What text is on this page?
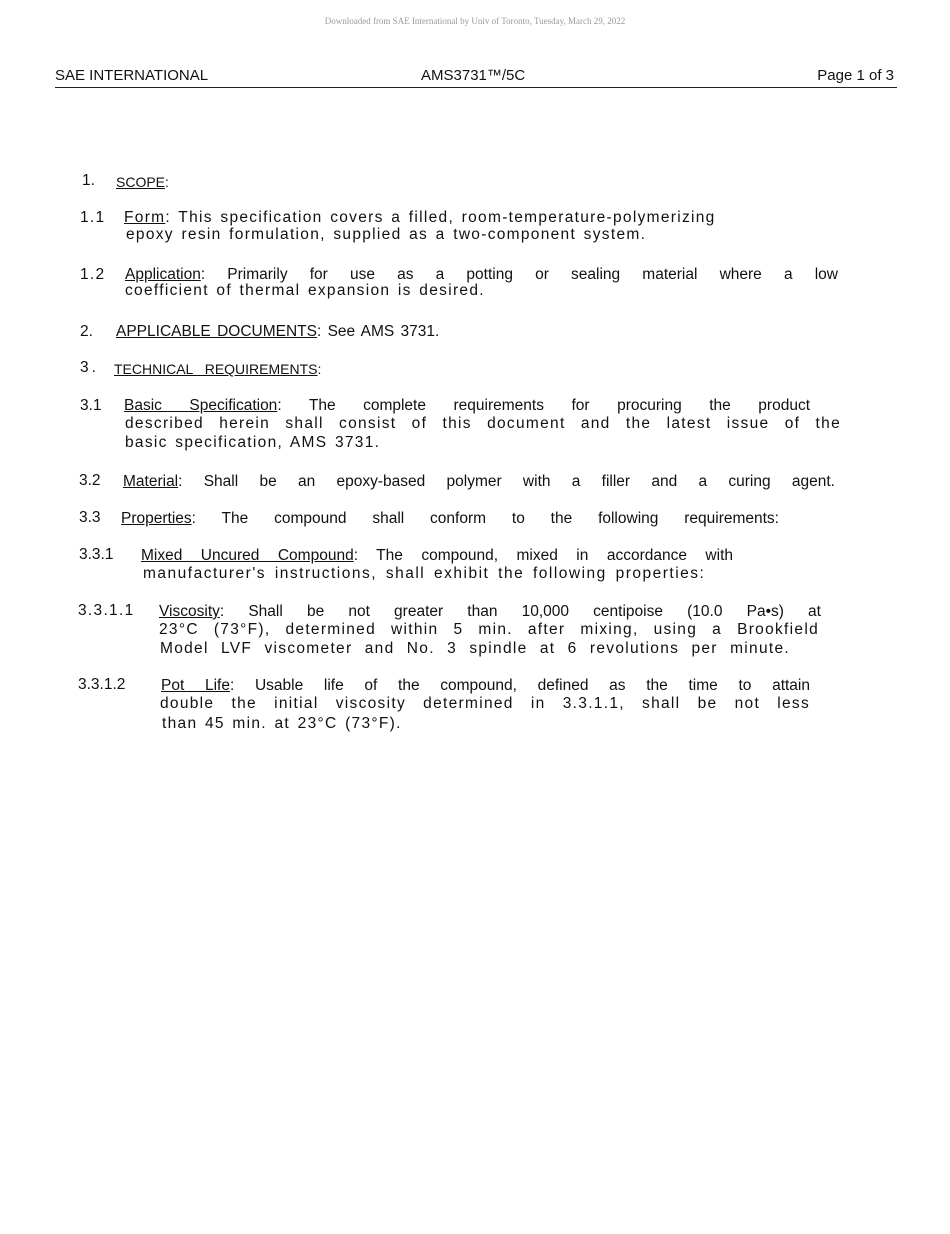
Downloaded from SAE International by Univ of Toronto, Tuesday, March 29, 2022
SAE INTERNATIONAL	AMS3731™/5C	Page 1 of 3
1. SCOPE:
1.1 Form: This specification covers a filled, room-temperature-polymerizing
epoxy resin formulation, supplied as a two-component system.
1.2 Application: Primarily for use as a potting or sealing material where a low
coefficient of thermal expansion is desired.
2. APPLICABLE DOCUMENTS: See AMS 3731.
3. TECHNICAL REQUIREMENTS:
3.1 Basic Specification: The complete requirements for procuring the product
described herein shall consist of this document and the latest issue of the
basic specification, AMS 3731.
3.2 Material: Shall be an epoxy-based polymer with a filler and a curing agent.
3.3 Properties: The compound shall conform to the following requirements:
3.3.1 Mixed Uncured Compound: The compound, mixed in accordance with
manufacturer's instructions, shall exhibit the following properties:
3.3.1.1 Viscosity: Shall be not greater than 10,000 centipoise (10.0 Pa•s) at
23°C (73°F), determined within 5 min. after mixing, using a Brookfield
Model LVF viscometer and No. 3 spindle at 6 revolutions per minute.
3.3.1.2 Pot Life: Usable life of the compound, defined as the time to attain
double the initial viscosity determined in 3.3.1.1, shall be not less
than 45 min. at 23°C (73°F).
